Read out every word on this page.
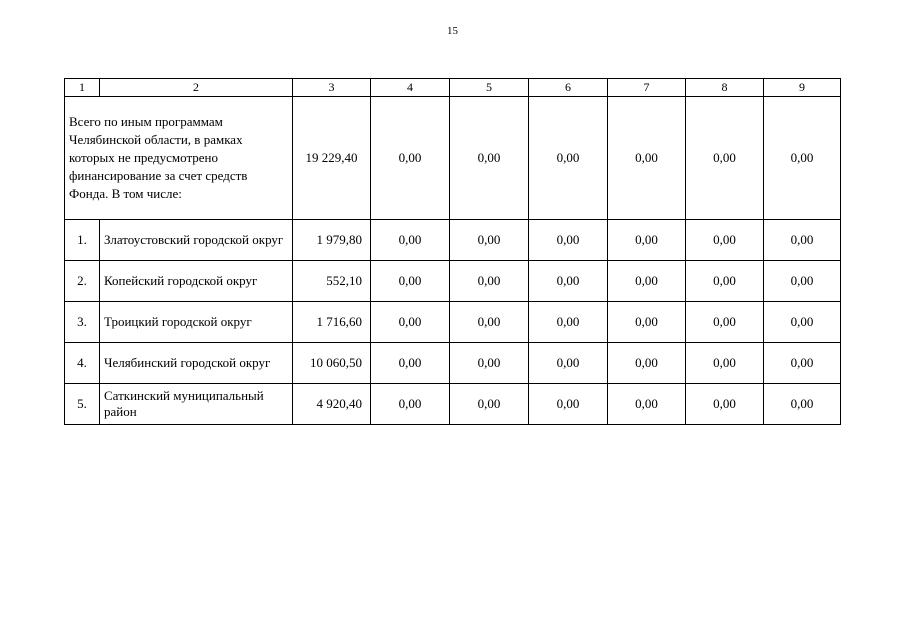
15
1	2	3	4	5	6	7	8	9
Всего по иным программам Челябинской области, в рамках которых не предусмотрено финансирование за счет средств Фонда. В том числе:		19 229,40	0,00	0,00	0,00	0,00	0,00	0,00
1.	Златоустовский городской округ	1 979,80	0,00	0,00	0,00	0,00	0,00	0,00
2.	Копейский городской округ	552,10	0,00	0,00	0,00	0,00	0,00	0,00
3.	Троицкий городской округ	1 716,60	0,00	0,00	0,00	0,00	0,00	0,00
4.	Челябинский городской округ	10 060,50	0,00	0,00	0,00	0,00	0,00	0,00
5.	Саткинский муниципальный район	4 920,40	0,00	0,00	0,00	0,00	0,00	0,00
